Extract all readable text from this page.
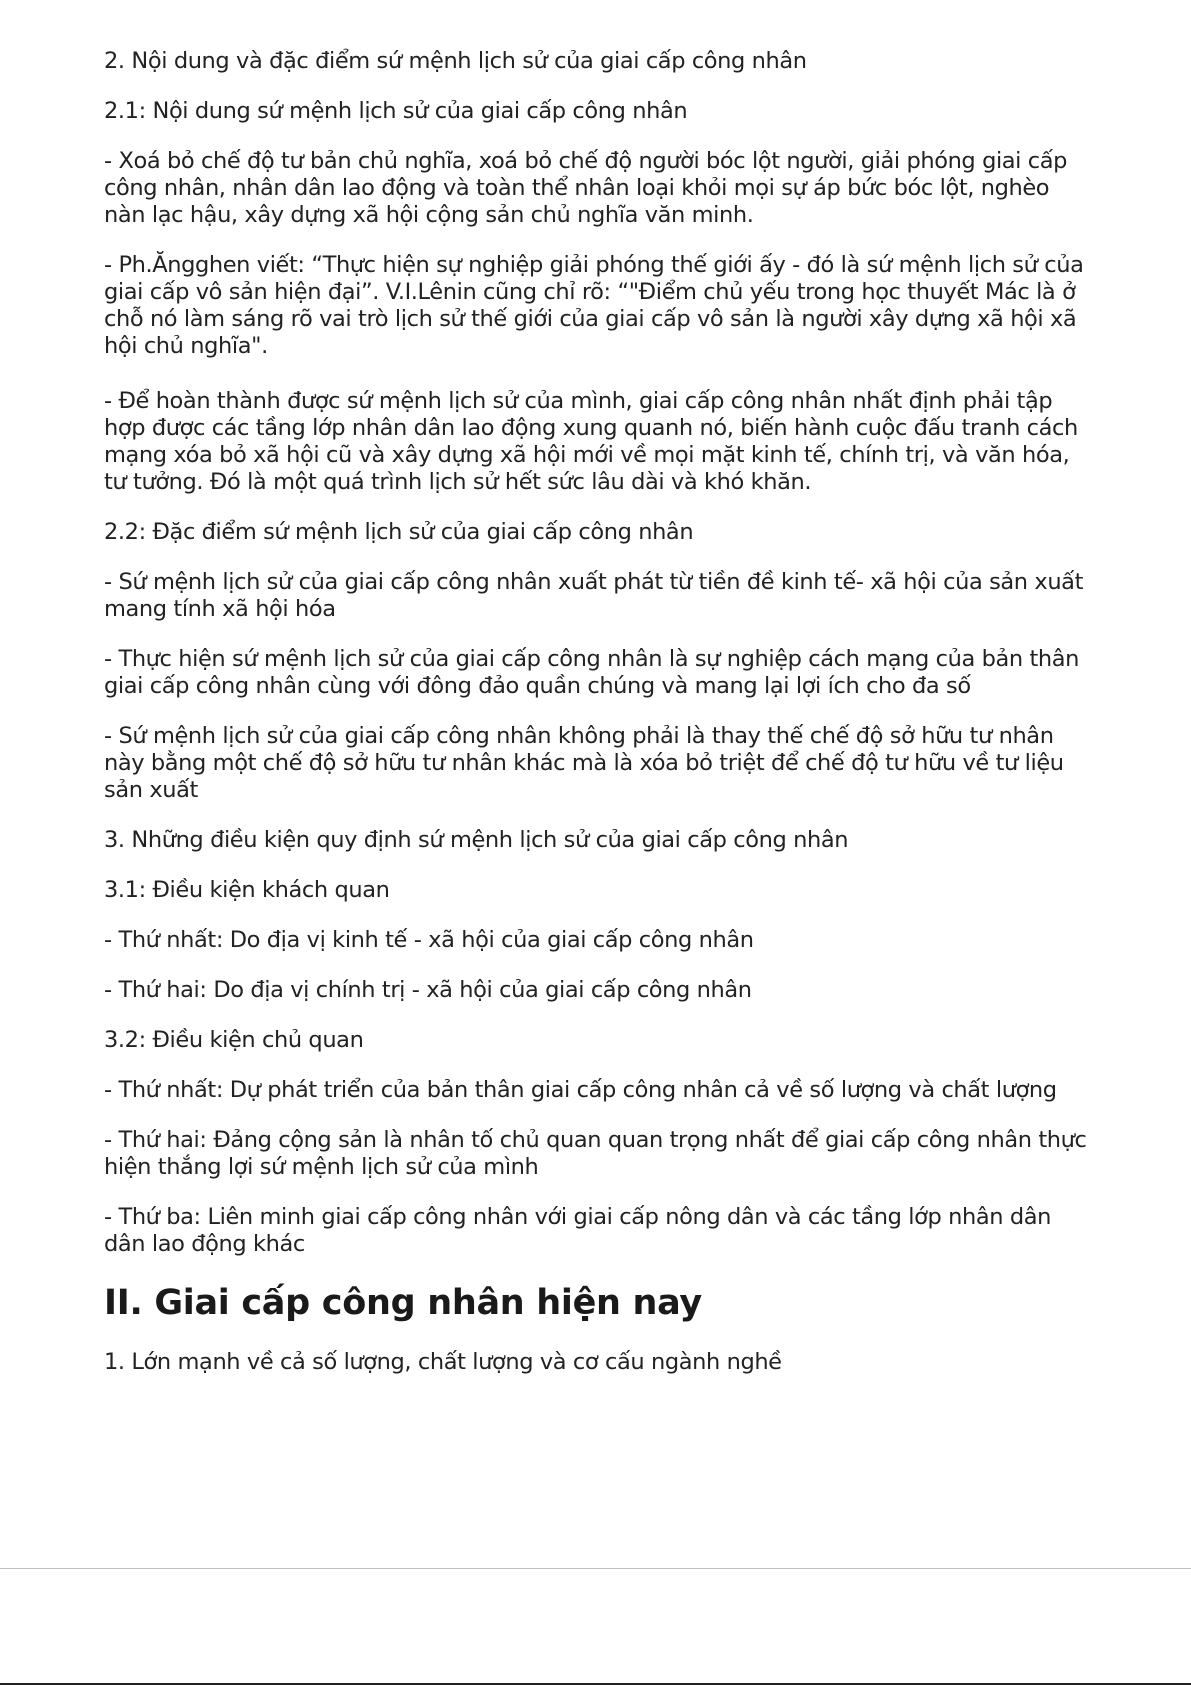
2. Nội dung và đặc điểm sứ mệnh lịch sử của giai cấp công nhân

2.1: Nội dung sứ mệnh lịch sử của giai cấp công nhân

- Xoá bỏ chế độ tư bản chủ nghĩa, xoá bỏ chế độ người bóc lột người, giải phóng giai cấp công nhân, nhân dân lao động và toàn thể nhân loại khỏi mọi sự áp bức bóc lột, nghèo nàn lạc hậu, xây dựng xã hội cộng sản chủ nghĩa văn minh.

- Ph.Ăngghen viết: “Thực hiện sự nghiệp giải phóng thế giới ấy - đó là sứ mệnh lịch sử của giai cấp vô sản hiện đại”. V.I.Lênin cũng chỉ rõ: “"Điểm chủ yếu trong học thuyết Mác là ở chỗ nó làm sáng rõ vai trò lịch sử thế giới của giai cấp vô sản là người xây dựng xã hội xã hội chủ nghĩa".

- Để hoàn thành được sứ mệnh lịch sử của mình, giai cấp công nhân nhất định phải tập hợp được các tầng lớp nhân dân lao động xung quanh nó, biến hành cuộc đấu tranh cách mạng xóa bỏ xã hội cũ và xây dựng xã hội mới về mọi mặt kinh tế, chính trị, và văn hóa, tư tưởng. Đó là một quá trình lịch sử hết sức lâu dài và khó khăn.

2.2: Đặc điểm sứ mệnh lịch sử của giai cấp công nhân

- Sứ mệnh lịch sử của giai cấp công nhân xuất phát từ tiền đề kinh tế- xã hội của sản xuất mang tính xã hội hóa

- Thực hiện sứ mệnh lịch sử của giai cấp công nhân là sự nghiệp cách mạng của bản thân giai cấp công nhân cùng với đông đảo quần chúng và mang lại lợi ích cho đa số

- Sứ mệnh lịch sử của giai cấp công nhân không phải là thay thế chế độ sở hữu tư nhân này bằng một chế độ sở hữu tư nhân khác mà là xóa bỏ triệt để chế độ tư hữu về tư liệu sản xuất

3. Những điều kiện quy định sứ mệnh lịch sử của giai cấp công nhân

3.1: Điều kiện khách quan

- Thứ nhất: Do địa vị kinh tế - xã hội của giai cấp công nhân

- Thứ hai: Do địa vị chính trị - xã hội của giai cấp công nhân

3.2: Điều kiện chủ quan

- Thứ nhất: Dự phát triển của bản thân giai cấp công nhân cả về số lượng và chất lượng

- Thứ hai: Đảng cộng sản là nhân tố chủ quan quan trọng nhất để giai cấp công nhân thực hiện thắng lợi sứ mệnh lịch sử của mình

- Thứ ba: Liên minh giai cấp công nhân với giai cấp nông dân và các tầng lớp nhân dân dân lao động khác

II. Giai cấp công nhân hiện nay

1. Lớn mạnh về cả số lượng, chất lượng và cơ cấu ngành nghề
